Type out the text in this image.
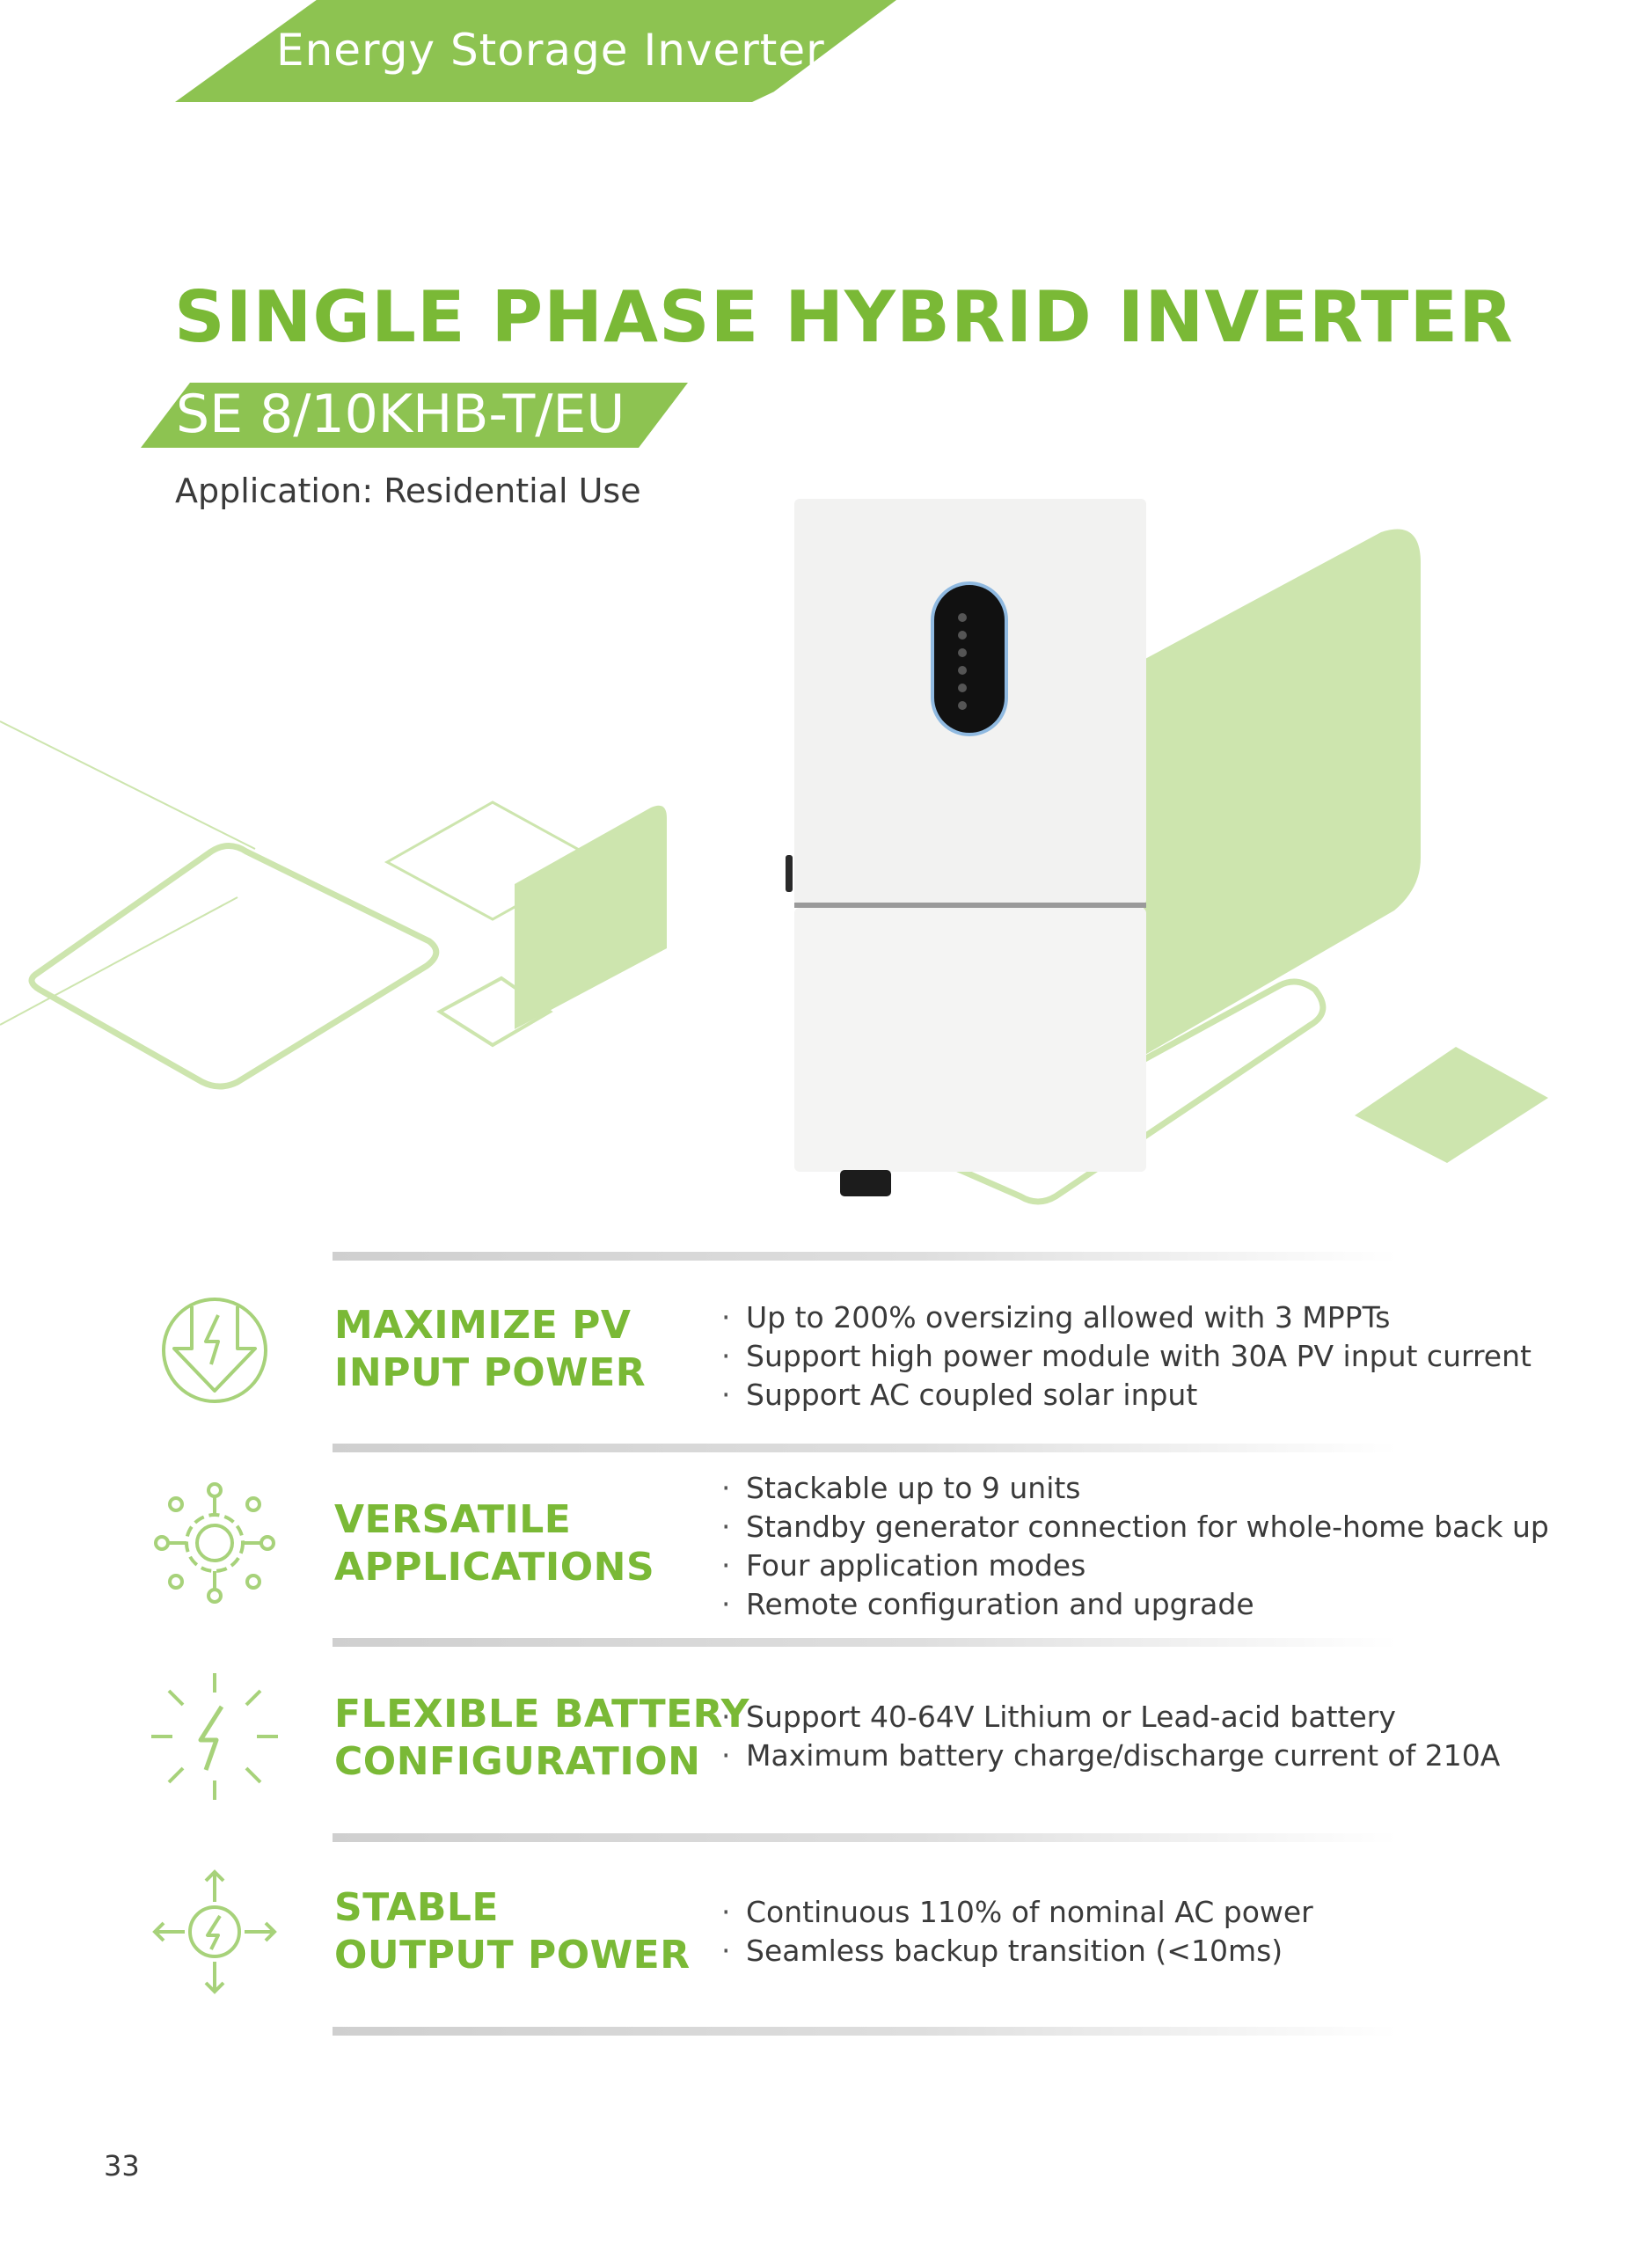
Energy Storage Inverter
SINGLE PHASE HYBRID INVERTER
SE 8/10KHB-T/EU
Application: Residential Use
MAXIMIZE PV
INPUT POWER
· Up to 200% oversizing allowed with 3 MPPTs
· Support high power module with 30A PV input current
· Support AC coupled solar input
VERSATILE
APPLICATIONS
· Stackable up to 9 units
· Standby generator connection for whole-home back up
· Four application modes
· Remote configuration and upgrade
FLEXIBLE BATTERY
CONFIGURATION
· Support 40-64V Lithium or Lead-acid battery
· Maximum battery charge/discharge current of 210A
STABLE
OUTPUT POWER
· Continuous 110% of nominal AC power
· Seamless backup transition (<10ms)
33
